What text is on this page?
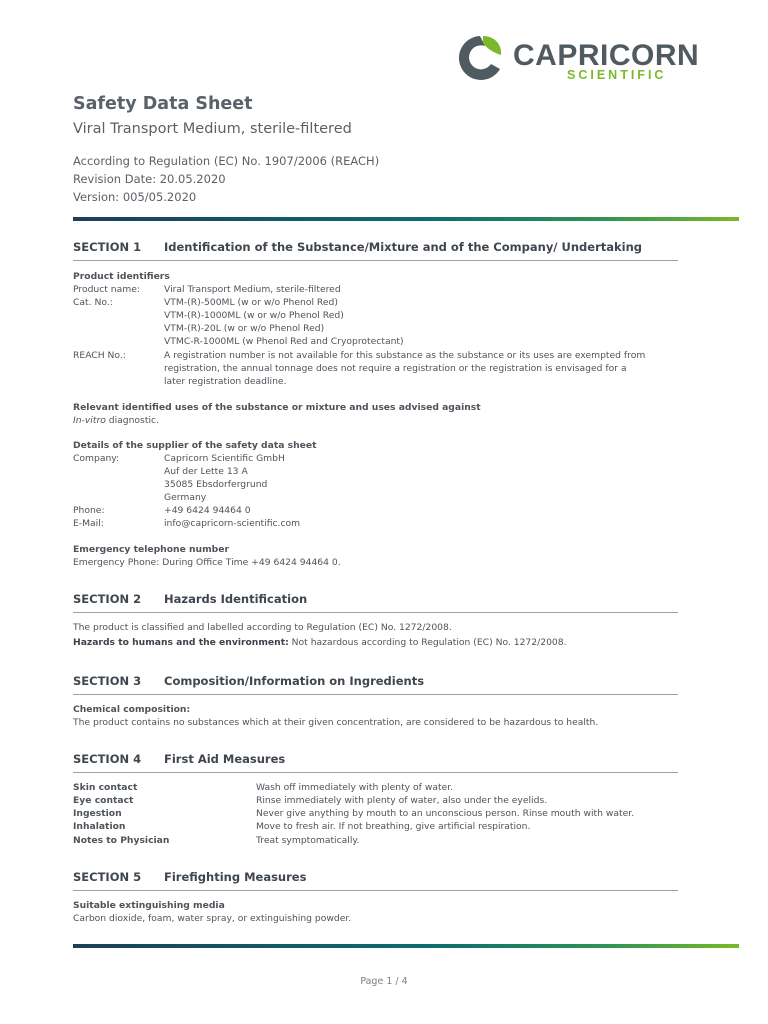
CAPRICORN
SCIENTIFIC
Safety Data Sheet
Viral Transport Medium, sterile-filtered
According to Regulation (EC) No. 1907/2006 (REACH)
Revision Date: 20.05.2020
Version: 005/05.2020
SECTION 1 Identification of the Substance/Mixture and of the Company/ Undertaking
Product identifiers
Product name:	Viral Transport Medium, sterile-filtered
Cat. No.:	VTM-(R)-500ML (w or w/o Phenol Red)
VTM-(R)-1000ML (w or w/o Phenol Red)
VTM-(R)-20L (w or w/o Phenol Red)
VTMC-R-1000ML (w Phenol Red and Cryoprotectant)
REACH No.:	A registration number is not available for this substance as the substance or its uses are exempted from
registration, the annual tonnage does not require a registration or the registration is envisaged for a
later registration deadline.
Relevant identified uses of the substance or mixture and uses advised against
In-vitro diagnostic.
Details of the supplier of the safety data sheet
Company:	Capricorn Scientific GmbH
Auf der Lette 13 A
35085 Ebsdorfergrund
Germany
Phone:	+49 6424 94464 0
E-Mail:	info@capricorn-scientific.com
Emergency telephone number
Emergency Phone: During Office Time +49 6424 94464 0.
SECTION 2 Hazards Identification
The product is classified and labelled according to Regulation (EC) No. 1272/2008.
Hazards to humans and the environment: Not hazardous according to Regulation (EC) No. 1272/2008.
SECTION 3 Composition/Information on Ingredients
Chemical composition:
The product contains no substances which at their given concentration, are considered to be hazardous to health.
SECTION 4 First Aid Measures
Skin contact	Wash off immediately with plenty of water.
Eye contact	Rinse immediately with plenty of water, also under the eyelids.
Ingestion	Never give anything by mouth to an unconscious person. Rinse mouth with water.
Inhalation	Move to fresh air. If not breathing, give artificial respiration.
Notes to Physician	Treat symptomatically.
SECTION 5 Firefighting Measures
Suitable extinguishing media
Carbon dioxide, foam, water spray, or extinguishing powder.
Page 1 / 4
